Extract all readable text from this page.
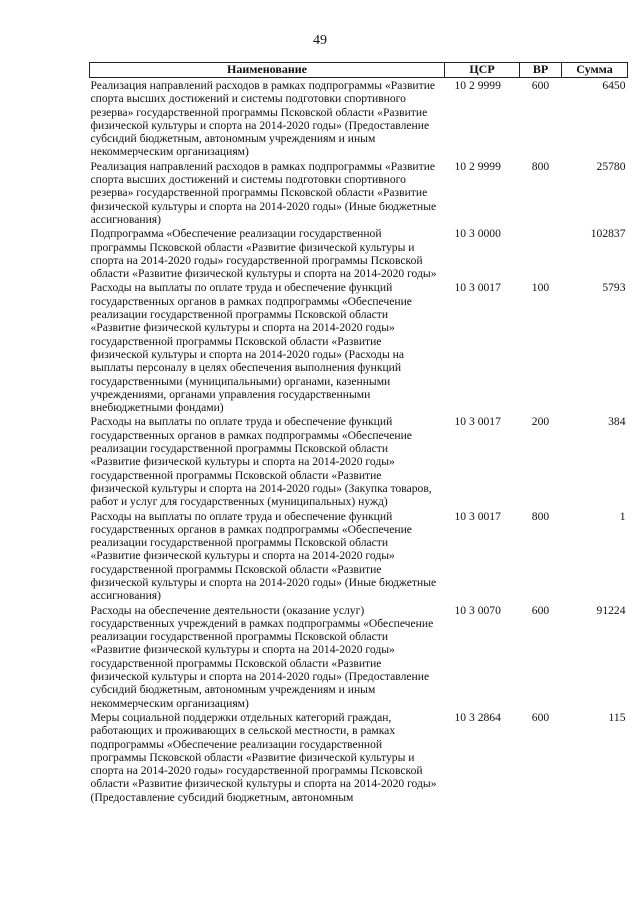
49
Наименование	ЦСР	ВР	Сумма
Реализация направлений расходов в рамках подпрограммы «Развитие спорта высших достижений и системы подготовки спортивного резерва» государственной программы Псковской области «Развитие физической культуры и спорта на 2014-2020 годы» (Предоставление субсидий бюджетным, автономным учреждениям и иным некоммерческим организациям)	10 2 9999	600	6450
Реализация направлений расходов в рамках подпрограммы «Развитие спорта высших достижений и системы подготовки спортивного резерва» государственной программы Псковской области «Развитие физической культуры и спорта на 2014-2020 годы» (Иные бюджетные ассигнования)	10 2 9999	800	25780
Подпрограмма «Обеспечение реализации государственной программы Псковской области «Развитие физической культуры и спорта на 2014-2020 годы» государственной программы Псковской области «Развитие физической культуры и спорта на 2014-2020 годы»	10 3 0000		102837
Расходы на выплаты по оплате труда и обеспечение функций государственных органов в рамках подпрограммы «Обеспечение реализации государственной программы Псковской области «Развитие физической культуры и спорта на 2014-2020 годы» государственной программы Псковской области «Развитие физической культуры и спорта на 2014-2020 годы» (Расходы на выплаты персоналу в целях обеспечения выполнения функций государственными (муниципальными) органами, казенными учреждениями, органами управления государственными внебюджетными фондами)	10 3 0017	100	5793
Расходы на выплаты по оплате труда и обеспечение функций государственных органов в рамках подпрограммы «Обеспечение реализации государственной программы Псковской области «Развитие физической культуры и спорта на 2014-2020 годы» государственной программы Псковской области «Развитие физической культуры и спорта на 2014-2020 годы» (Закупка товаров, работ и услуг для государственных (муниципальных) нужд)	10 3 0017	200	384
Расходы на выплаты по оплате труда и обеспечение функций государственных органов в рамках подпрограммы «Обеспечение реализации государственной программы Псковской области «Развитие физической культуры и спорта на 2014-2020 годы» государственной программы Псковской области «Развитие физической культуры и спорта на 2014-2020 годы» (Иные бюджетные ассигнования)	10 3 0017	800	1
Расходы на обеспечение деятельности (оказание услуг) государственных учреждений в рамках подпрограммы «Обеспечение реализации государственной программы Псковской области «Развитие физической культуры и спорта на 2014-2020 годы» государственной программы Псковской области «Развитие физической культуры и спорта на 2014-2020 годы» (Предоставление субсидий бюджетным, автономным учреждениям и иным некоммерческим организациям)	10 3 0070	600	91224
Меры социальной поддержки отдельных категорий граждан, работающих и проживающих в сельской местности, в рамках подпрограммы «Обеспечение реализации государственной программы Псковской области «Развитие физической культуры и спорта на 2014-2020 годы» государственной программы Псковской области «Развитие физической культуры и спорта на 2014-2020 годы» (Предоставление субсидий бюджетным, автономным	10 3 2864	600	115
